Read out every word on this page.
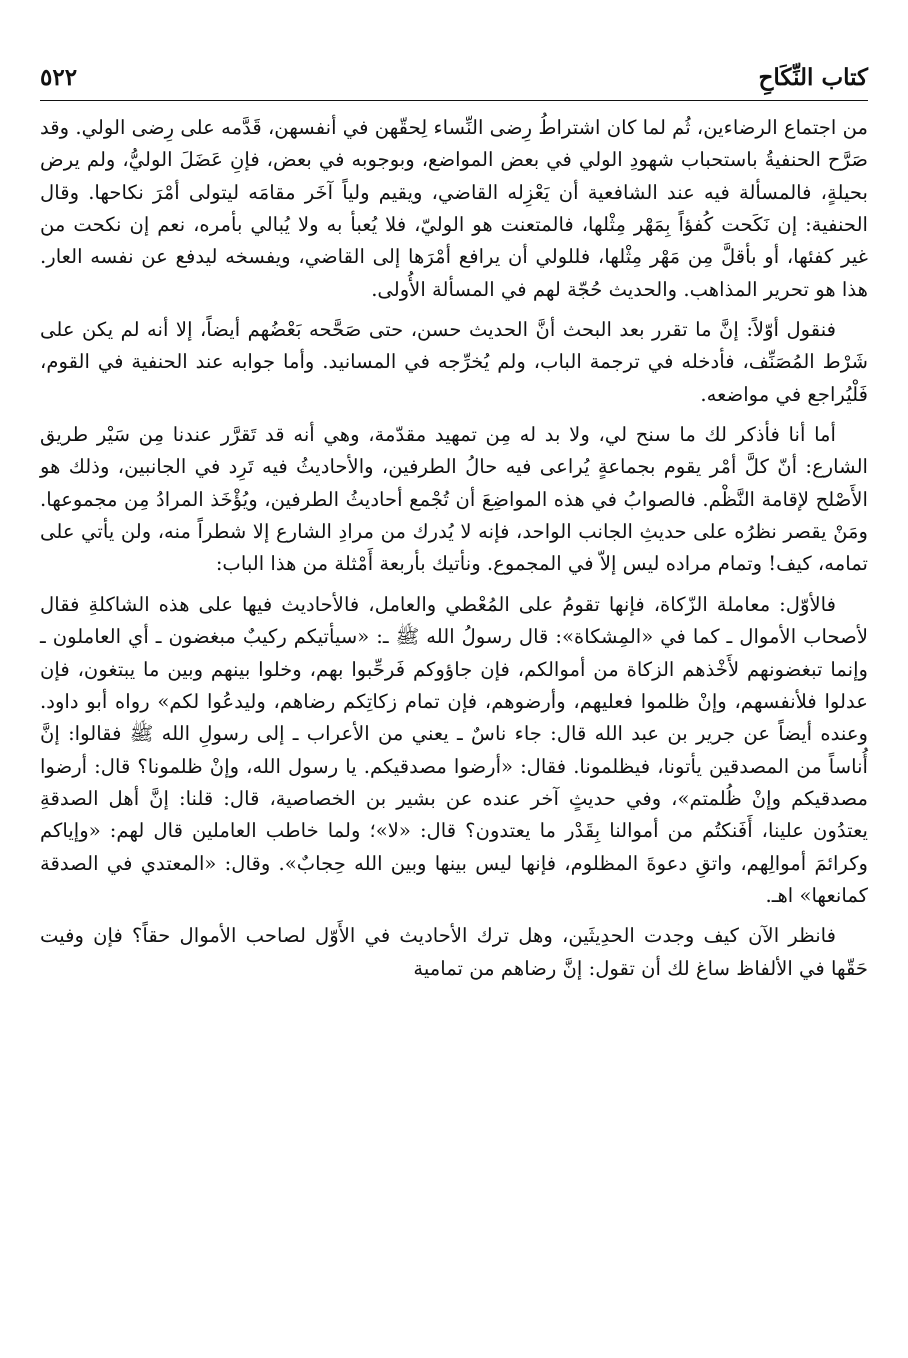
كتاب النِّكَاحِ
٥٢٢

من اجتماع الرضاءين، ثُم لما كان اشتراطُ رِضى النِّساء لِحقّهن في أنفسهن، قَدَّمه على رِضى الولي. وقد صَرَّح الحنفيةُ باستحباب شهودِ الولي في بعض المواضع، وبوجوبه في بعض، فإنِ عَضَلَ الوليُّ، ولم يرض بحيلةٍ، فالمسألة فيه عند الشافعية أن يَعْزِله القاضي، ويقيم ولياً آخَر مقامَه ليتولى أمْرَ نكاحها. وقال الحنفية: إن نَكَحت كُفؤاً بِمَهْر مِثْلها، فالمتعنت هو الوليّ، فلا يُعبأ به ولا يُبالي بأمره، نعم إن نكحت من غير كفئها، أو بأقلَّ مِن مَهْر مِثْلها، فللولي أن يرافع أمْرَها إلى القاضي، ويفسخه ليدفع عن نفسه العار. هذا هو تحرير المذاهب. والحديث حُجّة لهم في المسألة الأُولى.

فنقول أوّلاً: إنَّ ما تقرر بعد البحث أنَّ الحديث حسن، حتى صَحَّحه بَعْضُهم أيضاً، إلا أنه لم يكن على شَرْط المُصَنِّف، فأدخله في ترجمة الباب، ولم يُخرِّجه في المسانيد. وأما جوابه عند الحنفية في القوم، فَلْيُراجع في مواضعه.

أما أنا فأذكر لك ما سنح لي، ولا بد له مِن تمهيد مقدّمة، وهي أنه قد تَقرَّر عندنا مِن سَيْر طريق الشارع: أنّ كلَّ أمْر يقوم بجماعةٍ يُراعى فيه حالُ الطرفين، والأحاديثُ فيه تَرِد في الجانبين، وذلك هو الأَصْلح لإقامة النَّظْم. فالصوابُ في هذه المواضِعَ أن تُجْمع أحاديثُ الطرفين، ويُؤْخَذ المرادُ مِن مجموعها. ومَنْ يقصر نظرُه على حديثِ الجانب الواحد، فإنه لا يُدرك من مرادِ الشارع إلا شطراً منه، ولن يأتي على تمامه، كيف! وتمام مراده ليس إلاّ في المجموع. ونأتيك بأربعة أَمْثلة من هذا الباب:

فالأوّل: معاملة الزّكاة، فإنها تقومُ على المُعْطي والعامل، فالأحاديث فيها على هذه الشاكلةِ فقال لأصحاب الأموال ـ كما في «المِشكاة»: قال رسولُ الله ﷺ ـ: «سيأتيكم ركيبٌ مبغضون ـ أي العاملون ـ وإنما تبغضونهم لأَخْذهم الزكاة من أموالكم، فإن جاؤوكم فَرحِّبوا بهم، وخلوا بينهم وبين ما يبتغون، فإن عدلوا فلأنفسهم، وإنْ ظلموا فعليهم، وأرضوهم، فإن تمام زكاتِكم رضاهم، وليدعُوا لكم» رواه أبو داود. وعنده أيضاً عن جرير بن عبد الله قال: جاء ناسٌ ـ يعني من الأعراب ـ إلى رسولِ الله ﷺ فقالوا: إنَّ أُناساً من المصدقين يأتونا، فيظلمونا. فقال: «أرضوا مصدقيكم. يا رسول الله، وإنْ ظلمونا؟ قال: أرضوا مصدقيكم وإنْ ظُلمتم»، وفي حديثٍ آخر عنده عن بشير بن الخصاصية، قال: قلنا: إنَّ أهل الصدقةِ يعتدُون علينا، أَفَنكتُم من أموالنا بِقَدْر ما يعتدون؟ قال: «لا»؛ ولما خاطب العاملين قال لهم: «وإياكم وكرائمَ أموالِهم، واتقِ دعوةَ المظلوم، فإنها ليس بينها وبين الله حِجابٌ». وقال: «المعتدي في الصدقة كمانعها» اهـ.

فانظر الآن كيف وجدت الحدِيثَين، وهل ترك الأحاديث في الأَوّل لصاحب الأموال حقاً؟ فإن وفيت حَقّها في الألفاظ ساغ لك أن تقول: إنَّ رضاهم من تمامية
